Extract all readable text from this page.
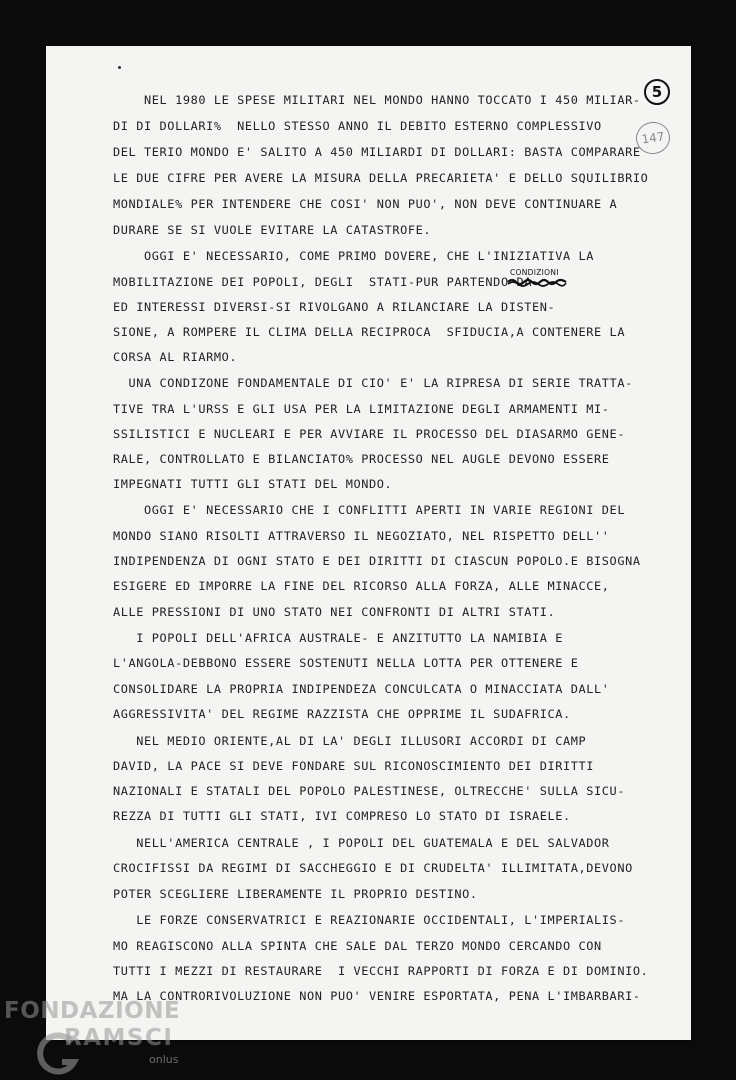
5
147
NEL 1980 LE SPESE MILITARI NEL MONDO HANNO TOCCATO I 450 MILIAR-
DI DI DOLLARI%  NELLO STESSO ANNO IL DEBITO ESTERNO COMPLESSIVO
DEL TERIO MONDO E' SALITO A 450 MILIARDI DI DOLLARI: BASTA COMPARARE
LE DUE CIFRE PER AVERE LA MISURA DELLA PRECARIETA' E DELLO SQUILIBRIO
MONDIALE% PER INTENDERE CHE COSI' NON PUO', NON DEVE CONTINUARE A
DURARE SE SI VUOLE EVITARE LA CATASTROFE.
OGGI E' NECESSARIO, COME PRIMO DOVERE, CHE L'INIZIATIVA LA
MOBILITAZIONE DEI POPOLI, DEGLI  STATI-PUR PARTENDO DA
ED INTERESSI DIVERSI-SI RIVOLGANO A RILANCIARE LA DISTEN-
SIONE, A ROMPERE IL CLIMA DELLA RECIPROCA  SFIDUCIA,A CONTENERE LA
CORSA AL RIARMO.
UNA CONDIZONE FONDAMENTALE DI CIO' E' LA RIPRESA DI SERIE TRATTA-
TIVE TRA L'URSS E GLI USA PER LA LIMITAZIONE DEGLI ARMAMENTI MI-
SSILISTICI E NUCLEARI E PER AVVIARE IL PROCESSO DEL DIASARMO GENE-
RALE, CONTROLLATO E BILANCIATO% PROCESSO NEL AUGLE DEVONO ESSERE
IMPEGNATI TUTTI GLI STATI DEL MONDO.
OGGI E' NECESSARIO CHE I CONFLITTI APERTI IN VARIE REGIONI DEL
MONDO SIANO RISOLTI ATTRAVERSO IL NEGOZIATO, NEL RISPETTO DELL''
INDIPENDENZA DI OGNI STATO E DEI DIRITTI DI CIASCUN POPOLO.E BISOGNA
ESIGERE ED IMPORRE LA FINE DEL RICORSO ALLA FORZA, ALLE MINACCE,
ALLE PRESSIONI DI UNO STATO NEI CONFRONTI DI ALTRI STATI.
I POPOLI DELL'AFRICA AUSTRALE- E ANZITUTTO LA NAMIBIA E
L'ANGOLA-DEBBONO ESSERE SOSTENUTI NELLA LOTTA PER OTTENERE E
CONSOLIDARE LA PROPRIA INDIPENDEZA CONCULCATA O MINACCIATA DALL'
AGGRESSIVITA' DEL REGIME RAZZISTA CHE OPPRIME IL SUDAFRICA.
NEL MEDIO ORIENTE,AL DI LA' DEGLI ILLUSORI ACCORDI DI CAMP
DAVID, LA PACE SI DEVE FONDARE SUL RICONOSCIMIENTO DEI DIRITTI
NAZIONALI E STATALI DEL POPOLO PALESTINESE, OLTRECCHE' SULLA SICU-
REZZA DI TUTTI GLI STATI, IVI COMPRESO LO STATO DI ISRAELE.
NELL'AMERICA CENTRALE , I POPOLI DEL GUATEMALA E DEL SALVADOR
CROCIFISSI DA REGIMI DI SACCHEGGIO E DI CRUDELTA' ILLIMITATA,DEVONO
POTER SCEGLIERE LIBERAMENTE IL PROPRIO DESTINO.
LE FORZE CONSERVATRICI E REAZIONARIE OCCIDENTALI, L'IMPERIALIS-
MO REAGISCONO ALLA SPINTA CHE SALE DAL TERZO MONDO CERCANDO CON
TUTTI I MEZZI DI RESTAURARE  I VECCHI RAPPORTI DI FORZA E DI DOMINIO.
MA LA CONTRORIVOLUZIONE NON PUO' VENIRE ESPORTATA, PENA L'IMBARBARI-
CONDIZIONI
FONDAZIONE
RAMSCI
onlus
